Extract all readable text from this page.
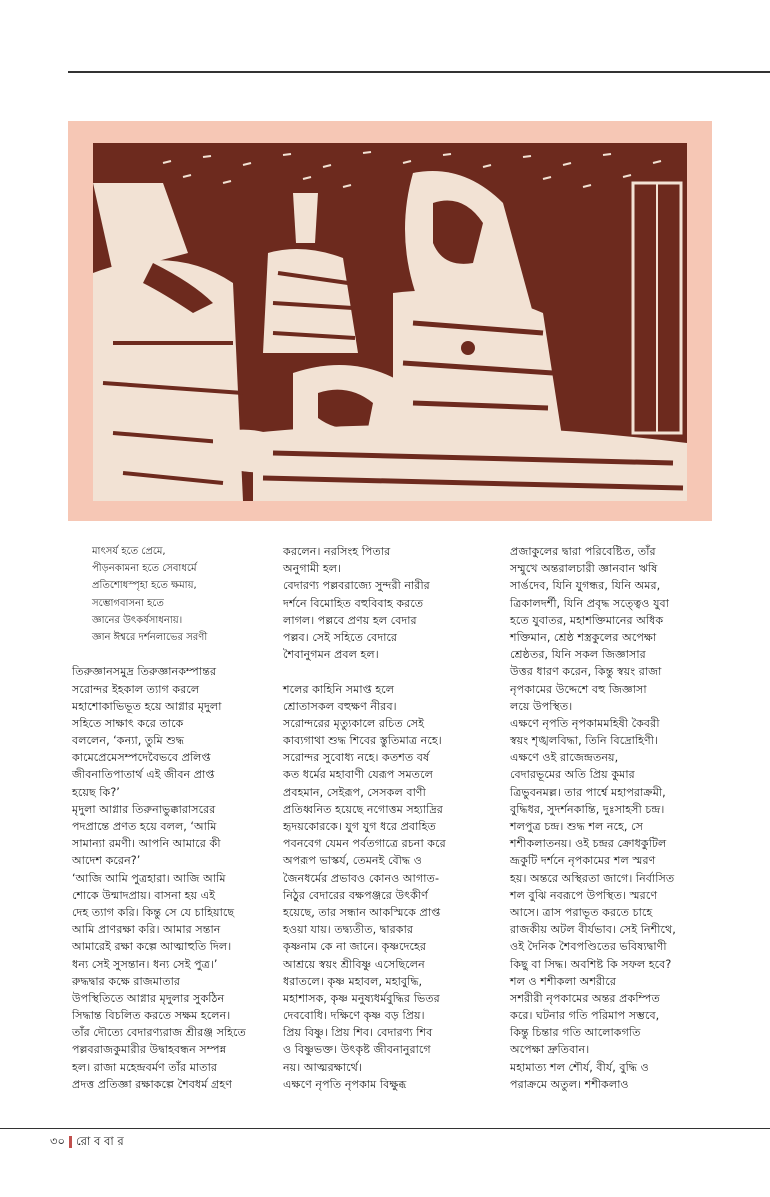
মাৎসর্য হতে প্রেমে,
পীড়নকামনা হতে সেবাধর্মে
প্রতিশোধস্পৃহা হতে ক্ষমায়,
সম্ভোগবাসনা হতে
জ্ঞানের উৎকর্ষসাধনায়।
জ্ঞান ঈশ্বরে দর্শনলাভের সরণী
তিরুজ্ঞানসমুদ্র তিরুজ্ঞানকম্পান্তর
সরোন্দর ইহকাল ত্যাগ করলে
মহাশোকাভিভূত হয়ে আগ্নার মৃদুলা
সহিতে সাক্ষাৎ করে তাকে
বললেন, ‘কন্যা, তুমি শুদ্ধ
কামেপ্রেমেসম্পদেবৈভবে প্রলিপ্ত
জীবনাতিপাতার্থ এই জীবন প্রাপ্ত
হয়েছ কি?’
মৃদুলা আগ্নার তিরুনাভুক্কারাসরের
পদপ্রান্তে প্রণত হয়ে বলল, ‘আমি
সামান্যা রমণী। আপনি আমারে কী
আদেশ করেন?’
‘আজি আমি পুত্রহারা। আজি আমি
শোকে উন্মাদপ্রায়। বাসনা হয় এই
দেহ ত্যাগ করি। কিন্তু সে যে চাহিয়াছে
আমি প্রাণরক্ষা করি। আমার সন্তান
আমারেই রক্ষা কল্পে আত্মাহুতি দিল।
ধন্য সেই সুসন্তান। ধন্য সেই পুত্র।’
রুদ্ধদ্বার কক্ষে রাজমাতার
উপস্থিতিতে আগ্নার মৃদুলার সুকঠিন
সিদ্ধান্ত বিচলিত করতে সক্ষম হলেন।
তাঁর দৌত্যে বেদারণ্যরাজ শ্রীরঞ্জ সহিতে
পল্লবরাজকুমারীর উদ্বাহবন্ধন সম্পন্ন
হল। রাজা মহেন্দ্রবর্মণ তাঁর মাতার
প্রদত্ত প্রতিজ্ঞা রক্ষাকল্পে শৈবধর্ম গ্রহণ
করলেন। নরসিংহ পিতার
অনুগামী হল।
বেদারণ্য পল্লবরাজ্যে সুন্দরী নারীর
দর্শনে বিমোহিত বহুবিবাহ করতে
লাগল। পল্লবে প্রণয় হল বেদার
পল্লব। সেই সহিতে বেদারে
শৈবানুগমন প্রবল হল।
শলের কাহিনি সমাপ্ত হলে
শ্রোতাসকল বহুক্ষণ নীরব।
সরোন্দরের মৃত্যুকালে রচিত সেই
কাব্যগাথা শুদ্ধ শিবের স্তুতিমাত্র নহে।
সরোন্দর সুবোধ্য নহে। কতশত বর্ষ
কত ধর্মের মহাবাণী যেরূপ সমতলে
প্রবহমান, সেইরূপ, সেসকল বাণী
প্রতিধ্বনিত হয়েছে নগোত্তম সহ্যাদ্রির
হৃদয়কোরকে। যুগ যুগ ধরে প্রবাহিত
পবনবেগ যেমন পর্বতগাত্রে রচনা করে
অপরূপ ভাস্কর্য, তেমনই বৌদ্ধ ও
জৈনধর্মের প্রভাবও কোনও আগাত-
নিঠুর বেদারের বক্ষপঞ্জরে উৎকীর্ণ
হয়েছে, তার সন্ধান আকস্মিকে প্রাপ্ত
হওয়া যায়। তদ্ব্যতীত, দ্বারকার
কৃষ্ণনাম কে না জানে। কৃষ্ণদেহের
আশ্রয়ে স্বয়ং শ্রীবিষ্ণু এসেছিলেন
ধরাতলে। কৃষ্ণ মহাবল, মহাবুদ্ধি,
মহাশাসক, কৃষ্ণ মনুষ্যধর্মবুদ্ধির ভিতর
দেববোধি। দক্ষিণে কৃষ্ণ বড় প্রিয়।
প্রিয় বিষ্ণু। প্রিয় শিব। বেদারণ্য শিব
ও বিষ্ণুভক্ত। উৎকৃষ্ট জীবনানুরাগে
নয়। আত্মরক্ষার্থে।
এক্ষণে নৃপতি নৃপকাম বিক্ষুব্ধ
প্রজাকুলের দ্বারা পরিবেষ্টিত, তাঁর
সম্মুখে অন্তরালচারী জ্ঞানবান ঋষি
সার্ঙদেব, যিনি যুগন্ধর, যিনি অমর,
ত্রিকালদর্শী, যিনি প্রবৃদ্ধ সত্ত্বেও যুবা
হতে যুবাতর, মহাশক্তিমানের অধিক
শক্তিমান, শ্রেষ্ঠ শস্ত্রকুলের অপেক্ষা
শ্রেষ্ঠতর, যিনি সকল জিজ্ঞাসার
উত্তর ধারণ করেন, কিন্তু স্বয়ং রাজা
নৃপকামের উদ্দেশে বহু জিজ্ঞাসা
লয়ে উপস্থিত।
এক্ষণে নৃপতি নৃপকামমহিষী কৈবরী
স্বয়ং শৃঙ্খলবিদ্ধা, তিনি বিদ্রোহিণী।
এক্ষণে ওই রাজেন্দ্রতনয়,
বেদারভূমের অতি প্রিয় কুমার
ত্রিভুবনমল্ল। তার পার্শ্বে মহাপরাক্রমী,
বুদ্ধিধর, সুদর্শনকান্তি, দুঃসাহসী চন্দ্র।
শলপুত্র চন্দ্র। শুদ্ধ শল নহে, সে
শশীকলাতনয়। ওই চন্দ্রর ক্রোধকুটিল
ভ্রূকুটি দর্শনে নৃপকামের শল স্মরণ
হয়। অন্তরে অস্থিরতা জাগে। নির্বাসিত
শল বুঝি নবরূপে উপস্থিত। স্মরণে
আসে। ত্রাস পরাভূত করতে চাহে
রাজকীয় অটল বীর্যভাব। সেই নিশীথে,
ওই দৈনিক শৈবপণ্ডিতের ভবিষ্যদ্বাণী
কিছু বা সিদ্ধ। অবশিষ্ট কি সফল হবে?
শল ও শশীকলা অশরীরে
সশরীরী নৃপকামের অন্তর প্রকম্পিত
করে। ঘটনার গতি পরিমাপ সম্ভবে,
কিন্তু চিন্তার গতি আলোকগতি
অপেক্ষা দ্রুতিবান।
মহামাত্য শল শৌর্য, বীর্য, বুদ্ধি ও
পরাক্রমে অতুল। শশীকলাও
৩০ রো ব বা র
